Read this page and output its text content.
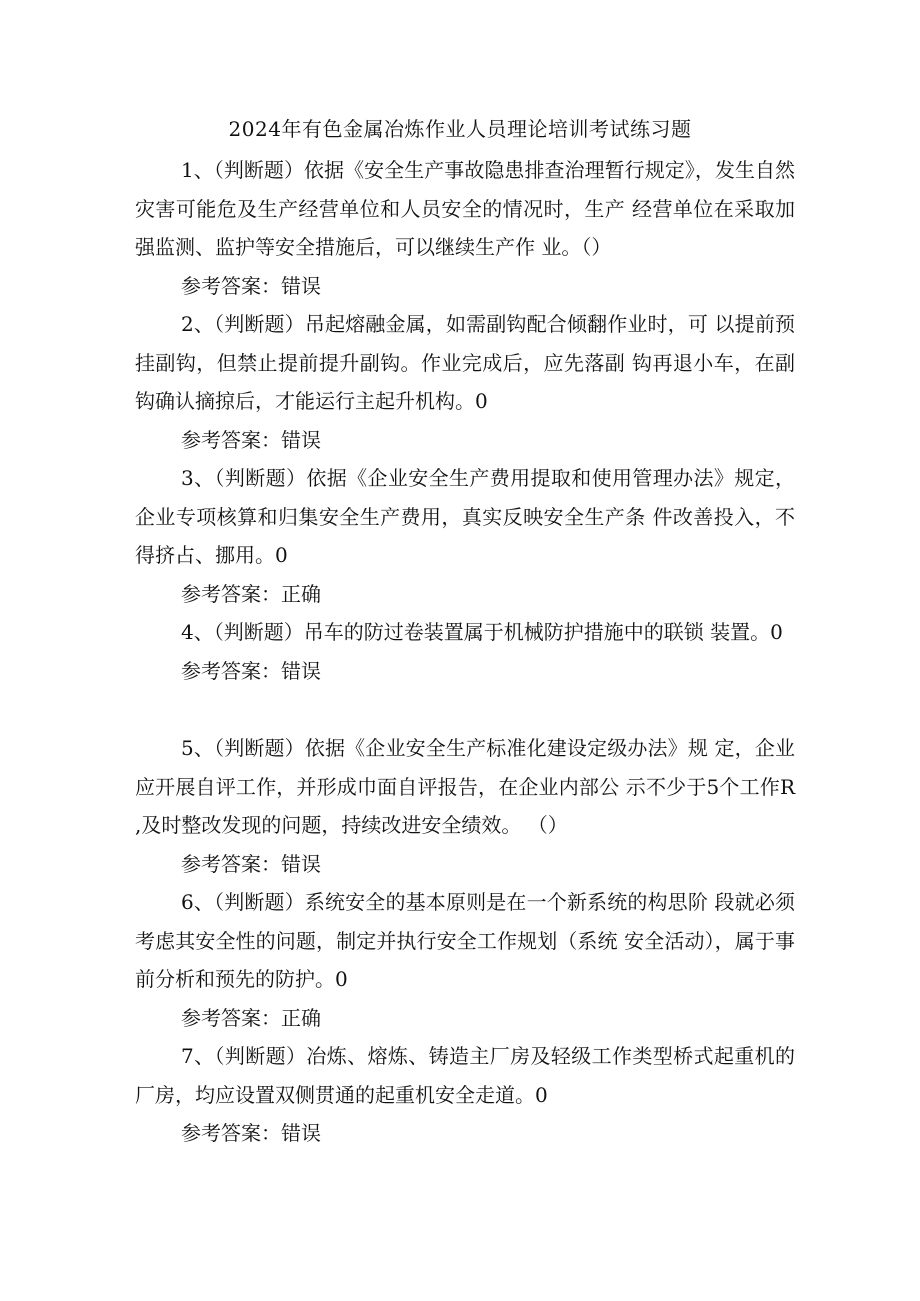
2024年有色金属冶炼作业人员理论培训考试练习题

1、（判断题）依据《安全生产事故隐患排查治理暂行规定》，发生自然灾害可能危及生产经营单位和人员安全的情况时，生产 经营单位在采取加强监测、监护等安全措施后，可以继续生产作 业。（）

参考答案：错误

2、（判断题）吊起熔融金属，如需副钩配合倾翻作业时，可 以提前预挂副钩，但禁止提前提升副钩。作业完成后，应先落副 钩再退小车，在副钩确认摘掠后，才能运行主起升机构。0

参考答案：错误

3、（判断题）依据《企业安全生产费用提取和使用管理办法》规定，企业专项核算和归集安全生产费用，真实反映安全生产条 件改善投入，不得挤占、挪用。0

参考答案：正确

4、（判断题）吊车的防过卷装置属于机械防护措施中的联锁 装置。0

参考答案：错误

5、（判断题）依据《企业安全生产标准化建设定级办法》规 定，企业应开展自评工作，并形成巾面自评报告，在企业内部公 示不少于5个工作R ,及时整改发现的问题，持续改进安全绩效。 （）

参考答案：错误

6、（判断题）系统安全的基本原则是在一个新系统的构思阶 段就必须考虑其安全性的问题，制定并执行安全工作规划（系统 安全活动），属于事前分析和预先的防护。0

参考答案：正确

7、（判断题）冶炼、熔炼、铸造主厂房及轻级工作类型桥式起重机的厂房，均应设置双侧贯通的起重机安全走道。0

参考答案：错误
